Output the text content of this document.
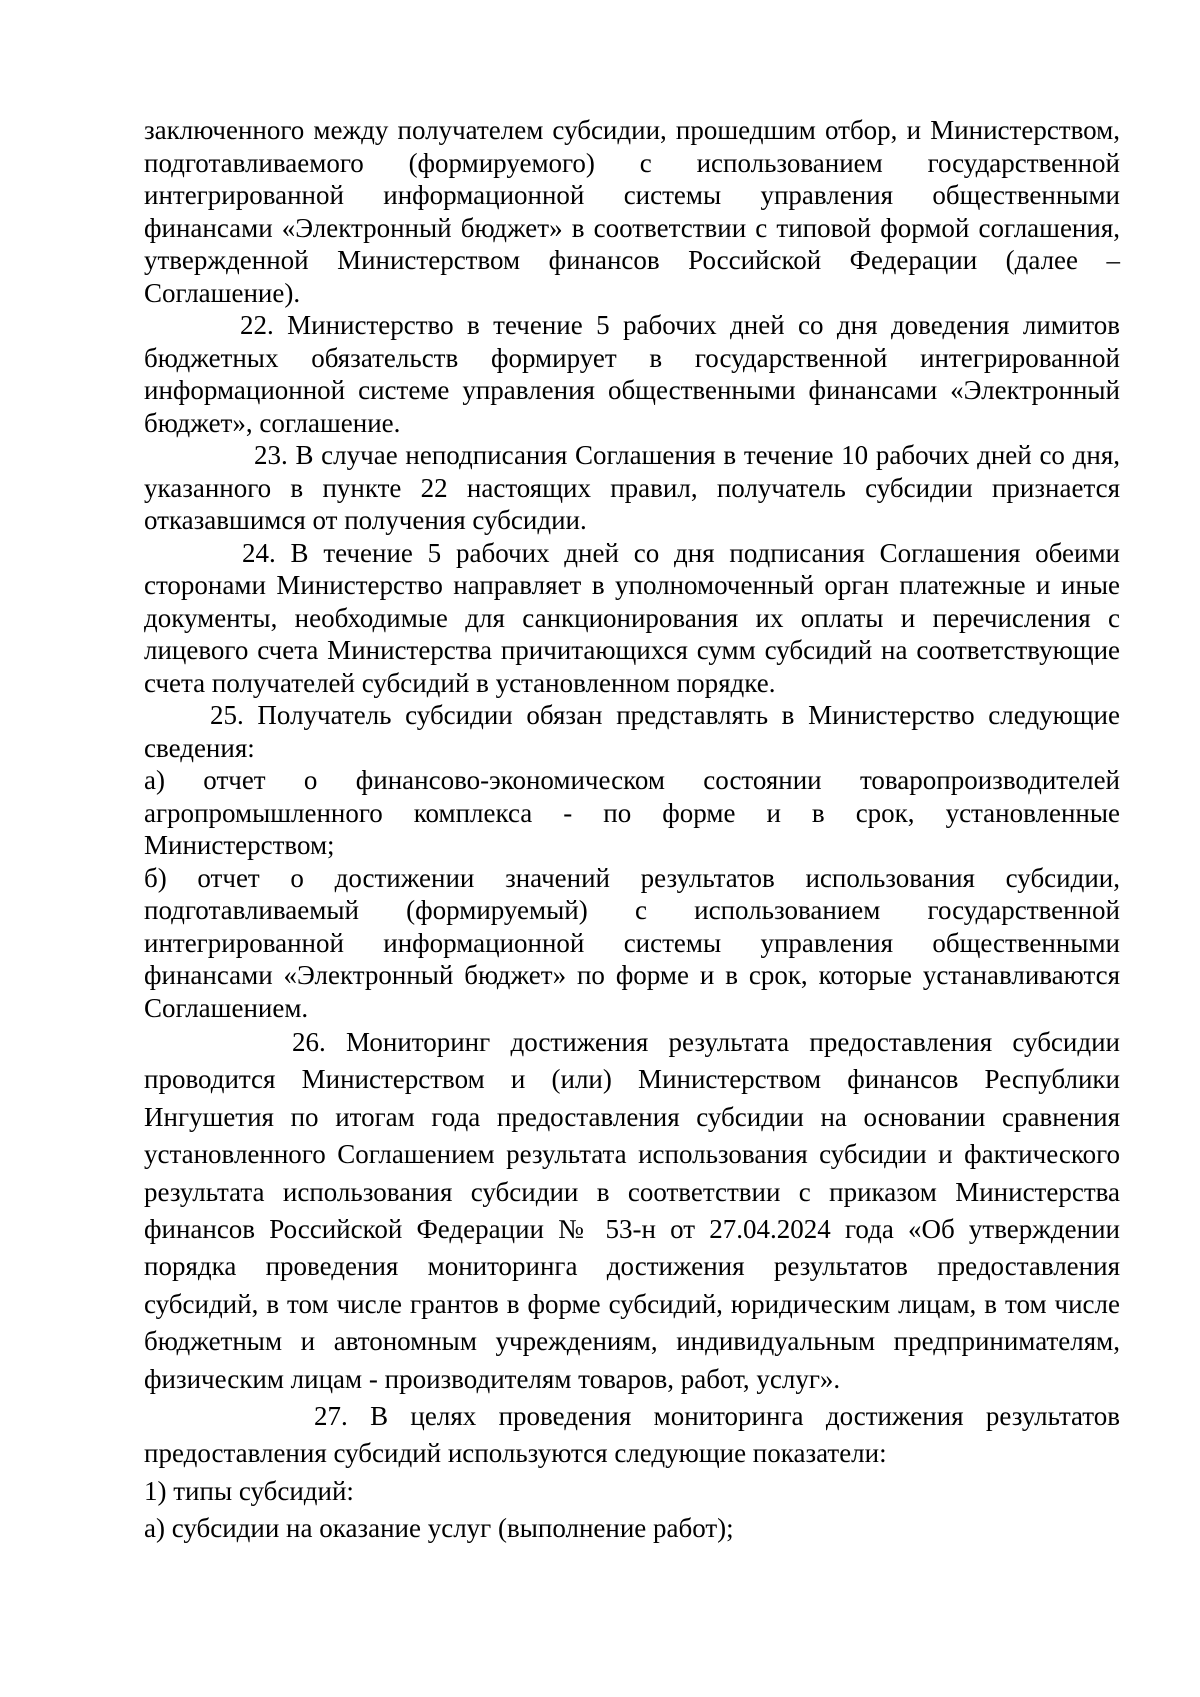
заключенного между получателем субсидии, прошедшим отбор, и Министерством, подготавливаемого (формируемого) с использованием государственной интегрированной информационной системы управления общественными финансами «Электронный бюджет» в соответствии с типовой формой соглашения, утвержденной Министерством финансов Российской Федерации (далее – Соглашение).

22. Министерство в течение 5 рабочих дней со дня доведения лимитов бюджетных обязательств формирует в государственной интегрированной информационной системе управления общественными финансами «Электронный бюджет», соглашение.

23. В случае неподписания Соглашения в течение 10 рабочих дней со дня, указанного в пункте 22 настоящих правил, получатель субсидии признается отказавшимся от получения субсидии.

24. В течение 5 рабочих дней со дня подписания Соглашения обеими сторонами Министерство направляет в уполномоченный орган платежные и иные документы, необходимые для санкционирования их оплаты и перечисления с лицевого счета Министерства причитающихся сумм субсидий на соответствующие счета получателей субсидий в установленном порядке.

25. Получатель субсидии обязан представлять в Министерство следующие сведения:

а) отчет о финансово-экономическом состоянии товаропроизводителей агропромышленного комплекса - по форме и в срок, установленные Министерством;

б) отчет о достижении значений результатов использования субсидии, подготавливаемый (формируемый) с использованием государственной интегрированной информационной системы управления общественными финансами «Электронный бюджет» по форме и в срок, которые устанавливаются Соглашением.

26. Мониторинг достижения результата предоставления субсидии проводится Министерством и (или) Министерством финансов Республики Ингушетия по итогам года предоставления субсидии на основании сравнения установленного Соглашением результата использования субсидии и фактического результата использования субсидии в соответствии с приказом Министерства финансов Российской Федерации № 53-н от 27.04.2024 года «Об утверждении порядка проведения мониторинга достижения результатов предоставления субсидий, в том числе грантов в форме субсидий, юридическим лицам, в том числе бюджетным и автономным учреждениям, индивидуальным предпринимателям, физическим лицам - производителям товаров, работ, услуг».

27. В целях проведения мониторинга достижения результатов предоставления субсидий используются следующие показатели:

1) типы субсидий:

а) субсидии на оказание услуг (выполнение работ);
